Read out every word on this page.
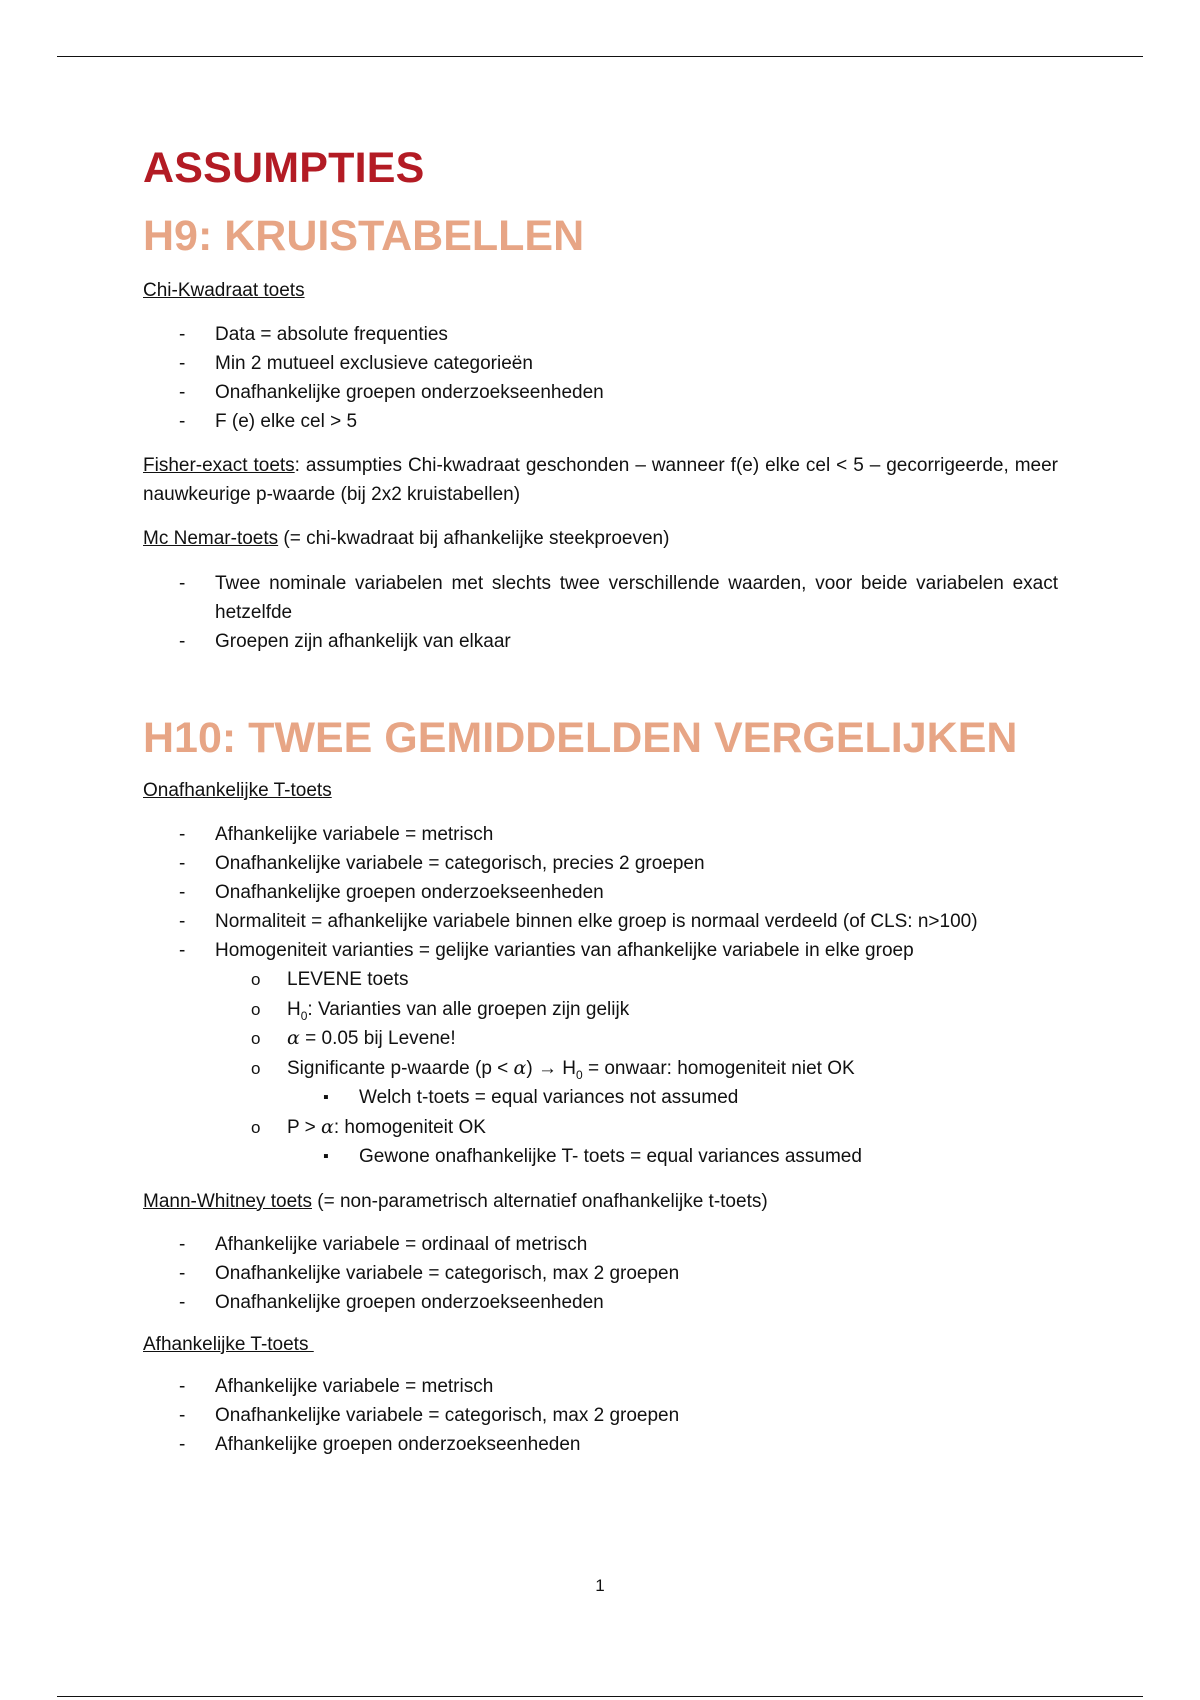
ASSUMPTIES
H9: KRUISTABELLEN

Chi-Kwadraat toets

- Data = absolute frequenties
- Min 2 mutueel exclusieve categorieën
- Onafhankelijke groepen onderzoekseenheden
- F (e) elke cel > 5

Fisher-exact toets: assumpties Chi-kwadraat geschonden – wanneer f(e) elke cel < 5 – gecorrigeerde, meer nauwkeurige p-waarde (bij 2x2 kruistabellen)

Mc Nemar-toets (= chi-kwadraat bij afhankelijke steekproeven)

- Twee nominale variabelen met slechts twee verschillende waarden, voor beide variabelen exact hetzelfde
- Groepen zijn afhankelijk van elkaar
H10: TWEE GEMIDDELDEN VERGELIJKEN

Onafhankelijke T-toets

- Afhankelijke variabele = metrisch
- Onafhankelijke variabele = categorisch, precies 2 groepen
- Onafhankelijke groepen onderzoekseenheden
- Normaliteit = afhankelijke variabele binnen elke groep is normaal verdeeld (of CLS: n>100)
- Homogeniteit varianties = gelijke varianties van afhankelijke variabele in elke groep
o LEVENE toets
o $H_0$: Varianties van alle groepen zijn gelijk
o α = 0.05 bij Levene!
o Significante p-waarde $(p < \alpha) \to H_0$ = onwaar: homogeniteit niet OK
▪ Welch t-toets = equal variances not assumed
o P > α: homogeniteit OK
▪ Gewone onafhankelijke T- toets = equal variances assumed

Mann-Whitney toets (= non-parametrisch alternatief onafhankelijke t-toets)

- Afhankelijke variabele = ordinaal of metrisch
- Onafhankelijke variabele = categorisch, max 2 groepen
- Onafhankelijke groepen onderzoekseenheden

Afhankelijke T-toets

- Afhankelijke variabele = metrisch
- Onafhankelijke variabele = categorisch, max 2 groepen
- Afhankelijke groepen onderzoekseenheden
1
